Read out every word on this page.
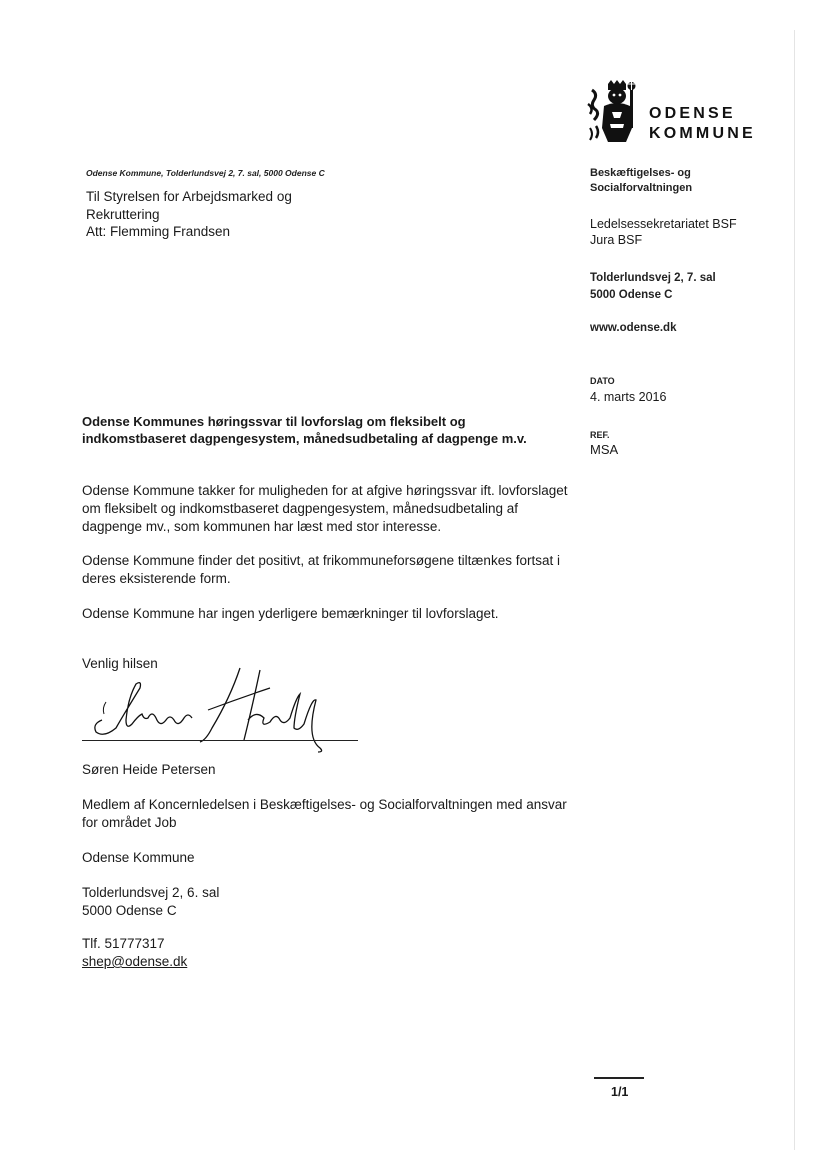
ODENSE
KOMMUNE
Odense Kommune, Tolderlundsvej 2, 7. sal, 5000 Odense C
Til Styrelsen for Arbejdsmarked og
Rekruttering
Att: Flemming Frandsen
Beskæftigelses- og
Socialforvaltningen
Ledelsessekretariatet BSF
Jura BSF
Tolderlundsvej 2, 7. sal
5000 Odense C
www.odense.dk
DATO
4. marts 2016
REF.
MSA
Odense Kommunes høringssvar til lovforslag om fleksibelt og
indkomstbaseret dagpengesystem, månedsudbetaling af dagpenge m.v.
Odense Kommune takker for muligheden for at afgive høringssvar ift. lovforslaget
om fleksibelt og indkomstbaseret dagpengesystem, månedsudbetaling af
dagpenge mv., som kommunen har læst med stor interesse.
Odense Kommune finder det positivt, at frikommuneforsøgene tiltænkes fortsat i
deres eksisterende form.
Odense Kommune har ingen yderligere bemærkninger til lovforslaget.
Venlig hilsen
Søren Heide Petersen
Medlem af Koncernledelsen i Beskæftigelses- og Socialforvaltningen med ansvar
for området Job
Odense Kommune
Tolderlundsvej 2, 6. sal
5000 Odense C
Tlf. 51777317
shep@odense.dk
1/1
